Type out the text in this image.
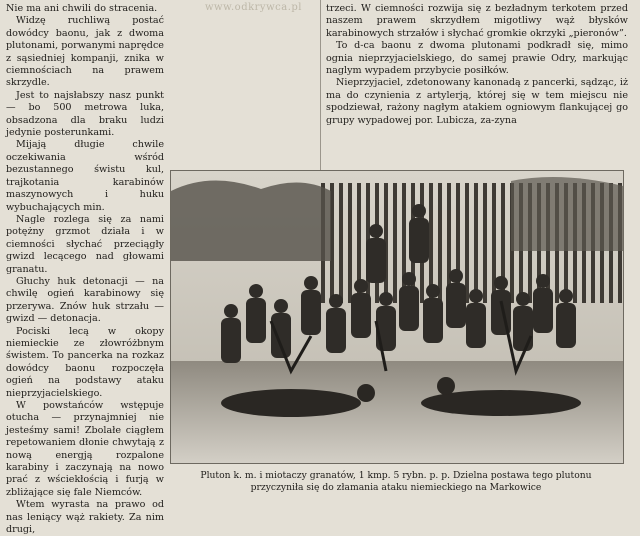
Nie ma ani chwili do stracenia.

Widzę ruchliwą postać dowódcy baonu, jak z dwoma plutonami, porwanymi naprędce z sąsiedniej kompanji, znika w ciemnościach na prawem skrzydle.

Jest to najsłabszy nasz punkt — bo 500 metrowa luka, obsadzona dla braku ludzi jedynie posterunkami.

Mijają długie chwile oczekiwania wśród bezustannego świstu kul, trajkotania karabinów maszynowych i huku wybuchających min.

Nagle rozlega się za nami potężny grzmot działa i w ciemności słychać przeciągły gwizd lecącego nad głowami granatu.

Głuchy huk detonacji — na chwilę ogień karabinowy się przerywa. Znów huk strzału — gwizd — detonacja.

Pociski lecą w okopy niemieckie ze złowróżbnym świstem. To pancerka na rozkaz dowódcy baonu rozpoczęła ogień na podstawy ataku nieprzyjacielskiego.

W powstańców wstępuje otucha — przynajmniej nie jesteśmy sami! Zbolałe ciągłem repetowaniem dłonie chwytają z nową energją rozpalone karabiny i zaczynają na nowo prać z wściekłością i furją w zbliżające się fale Niemców.

Wtem wyrasta na prawo od nas leniący wąż rakiety. Za nim drugi,

trzeci. W ciemności rozwija się z bezładnym terkotem przed naszem prawem skrzydłem migotliwy wąż błysków karabinowych strzałów i słychać gromkie okrzyki „pieronów”.

To d-ca baonu z dwoma plutonami podkradł się, mimo ognia nieprzyjacielskiego, do samej prawie Odry, markując naglym wypadem przybycie posiłków.

Nieprzyjaciel, zdetonowany kanonadą z pancerki, sądząc, iż ma do czynienia z artylerją, której się w tem miejscu nie spodziewał, rażony nagłym atakiem ogniowym flankującej go grupy wypadowej por. Lubicza, za-zyna

www.odkrywca.pl
Pluton k. m. i miotaczy granatów, 1 kmp. 5 rybn. p. p. Dzielna postawa tego plutonu
przyczyniła się do złamania ataku niemieckiego na Markowice
